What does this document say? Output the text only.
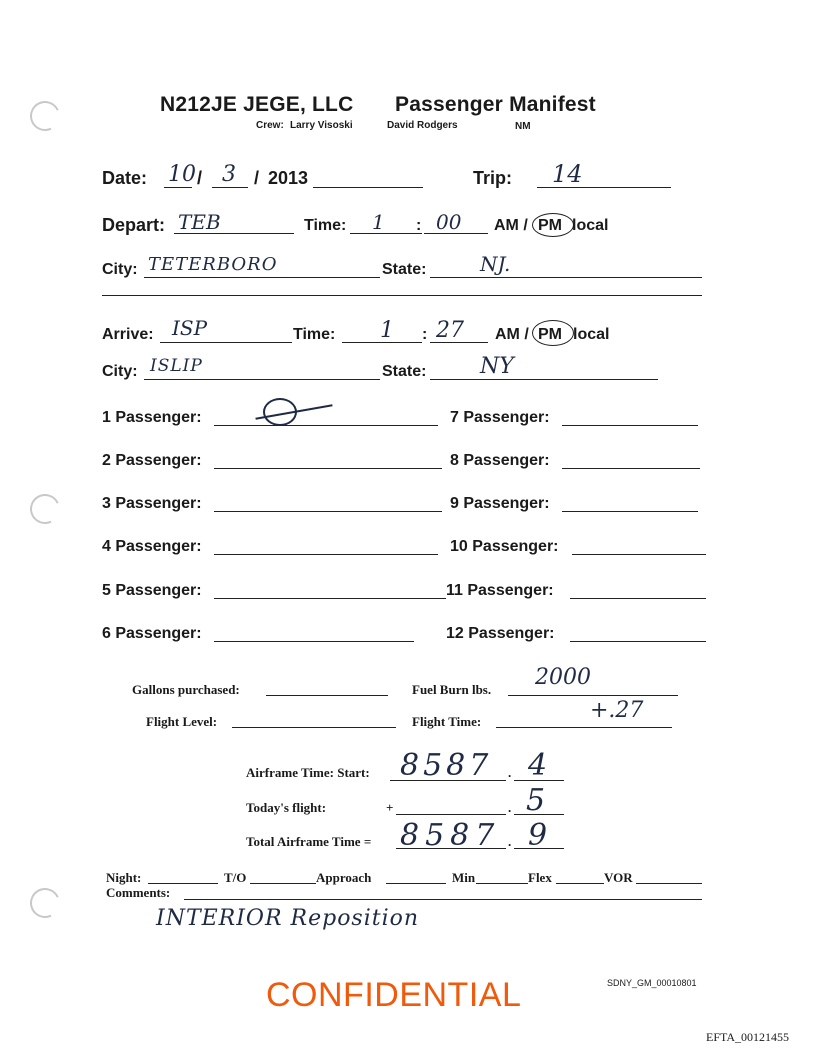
N212JE JEGE, LLC Passenger Manifest
Crew: Larry Visoski	David Rodgers	NM
Date: 10 / 3 / 2013	Trip: 14
Depart: TEB	Time: 1 : 00 AM / PM local
City: TETERBORO	State:	NJ.
Arrive: ISP	Time: 1 : 27 AM / PM local
City: ISLIP	State: NY
1 Passenger:	7 Passenger:
2 Passenger:	8 Passenger:
3 Passenger:	9 Passenger:
4 Passenger:	10 Passenger:
5 Passenger:	11 Passenger:
6 Passenger:	12 Passenger:
Gallons purchased:	Fuel Burn lbs. 2000
Flight Level:	Flight Time:	+.27
Airframe Time: Start: 8587 . 4
Today's flight:	+	. 5
Total Airframe Time = 8587 . 9
Night:	T/O	Approach	Min	Flex	VOR
Comments:
INTERIOR Reposition
CONFIDENTIAL	SDNY_GM_00010801
EFTA_00121455
